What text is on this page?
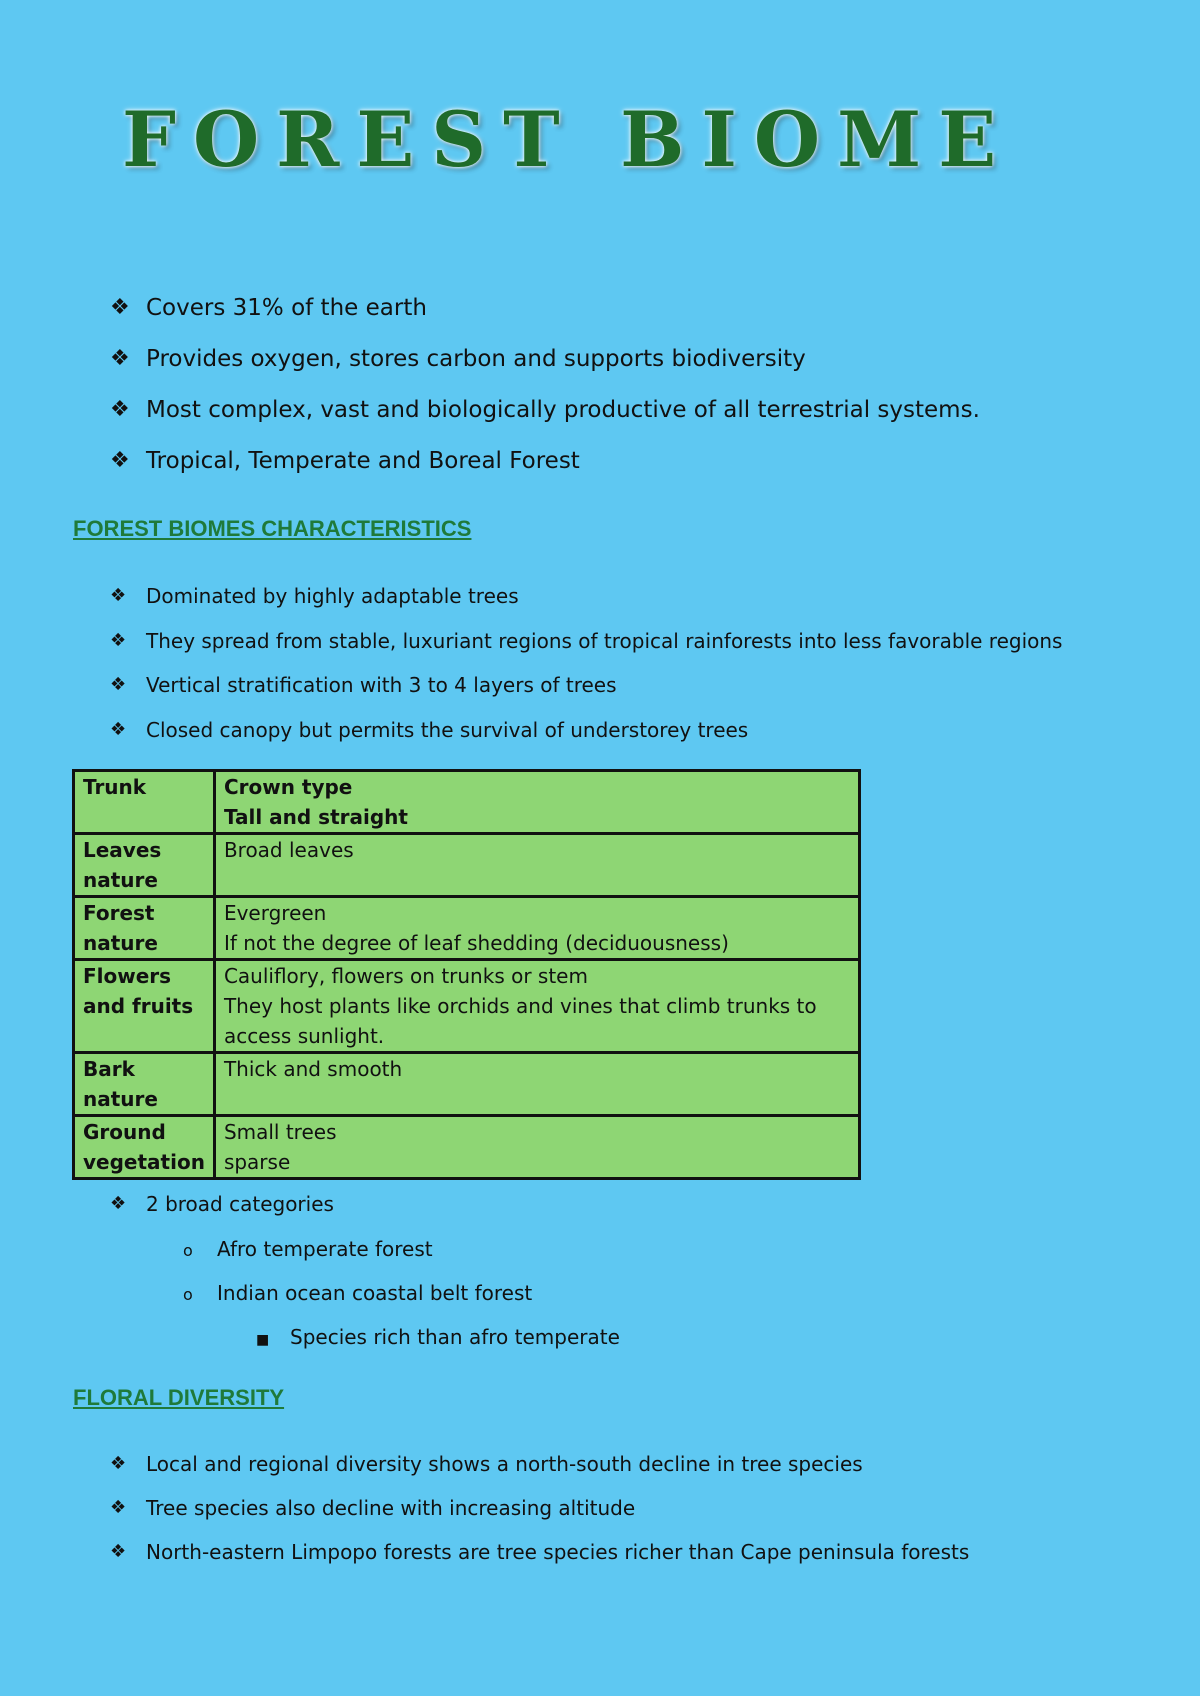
FOREST BIOME
❖ Covers 31% of the earth
❖ Provides oxygen, stores carbon and supports biodiversity
❖ Most complex, vast and biologically productive of all terrestrial systems.
❖ Tropical, Temperate and Boreal Forest
FOREST BIOMES CHARACTERISTICS
❖ Dominated by highly adaptable trees
❖ They spread from stable, luxuriant regions of tropical rainforests into less favorable regions
❖ Vertical stratification with 3 to 4 layers of trees
❖ Closed canopy but permits the survival of understorey trees
Trunk	Crown type
Tall and straight

Leaves nature	Broad leaves

Forest nature	Evergreen
If not the degree of leaf shedding (deciduousness)

Flowers and fruits	Cauliflory, flowers on trunks or stem
They host plants like orchids and vines that climb trunks to access sunlight.

Bark nature	Thick and smooth

Ground vegetation	Small trees
sparse
❖ 2 broad categories
o Afro temperate forest
o Indian ocean coastal belt forest
■ Species rich than afro temperate
FLORAL DIVERSITY
❖ Local and regional diversity shows a north-south decline in tree species
❖ Tree species also decline with increasing altitude
❖ North-eastern Limpopo forests are tree species richer than Cape peninsula forests
